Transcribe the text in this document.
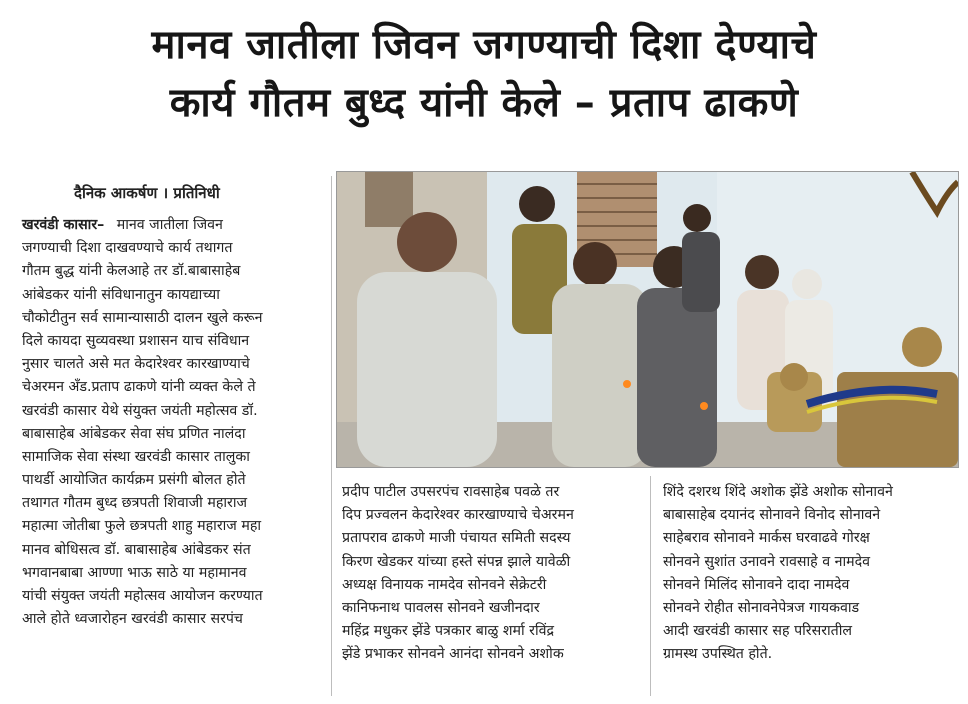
मानव जातीला जिवन जगण्याची दिशा देण्याचे
कार्य गौतम बुध्द यांनी केले – प्रताप ढाकणे
दैनिक आकर्षण । प्रतिनिधी
खरवंडी कासार– मानव जातीला जिवन
जगण्याची दिशा दाखवण्याचे कार्य तथागत
गौतम बुद्ध यांनी केलआहे तर डॉ.बाबासाहेब
आंबेडकर यांनी संविधानातुन कायद्याच्या
चौकोटीतुन सर्व सामान्यासाठी दालन खुले करून
दिले कायदा सुव्यवस्था प्रशासन याच संविधान
नुसार चालते असे मत केदारेश्वर कारखाण्याचे
चेअरमन अँड.प्रताप ढाकणे यांनी व्यक्त केले ते
खरवंडी कासार येथे संयुक्त जयंती महोत्सव डॉ.
बाबासाहेब आंबेडकर सेवा संघ प्रणित नालंदा
सामाजिक सेवा संस्था खरवंडी कासार तालुका
पाथर्डी आयोजित कार्यक्रम प्रसंगी बोलत होते
तथागत गौतम बुध्द छत्रपती शिवाजी महाराज
महात्मा जोतीबा फुले छत्रपती शाहु महाराज महा
मानव बोधिसत्व डॉ. बाबासाहेब आंबेडकर संत
भगवानबाबा आण्णा भाऊ साठे या महामानव
यांची संयुक्त जयंती महोत्सव आयोजन करण्यात
आले होते ध्वजारोहन खरवंडी कासार सरपंच
प्रदीप पाटील उपसरपंच रावसाहेब पवळे तर
दिप प्रज्वलन केदारेश्वर कारखाण्याचे चेअरमन
प्रतापराव ढाकणे माजी पंचायत समिती सदस्य
किरण खेडकर यांच्या हस्ते संपन्न झाले यावेळी
अध्यक्ष विनायक नामदेव सोनवने सेक्रेटरी
कानिफनाथ पावलस सोनवने खजीनदार
महिंद्र मधुकर झेंडे पत्रकार बाळु शर्मा रविंद्र
झेंडे प्रभाकर सोनवने आनंदा सोनवने अशोक
शिंदे दशरथ शिंदे अशोक झेंडे अशोक सोनावने
बाबासाहेब दयानंद सोनावने विनोद सोनावने
साहेबराव सोनावने मार्कस घरवाढवे गोरक्ष
सोनवने सुशांत उनावने रावसाहे व नामदेव
सोनवने मिलिंद सोनावने दादा नामदेव
सोनवने रोहीत सोनावनेपेत्रज गायकवाड
आदी खरवंडी कासार सह परिसरातील
ग्रामस्थ उपस्थित होते.
